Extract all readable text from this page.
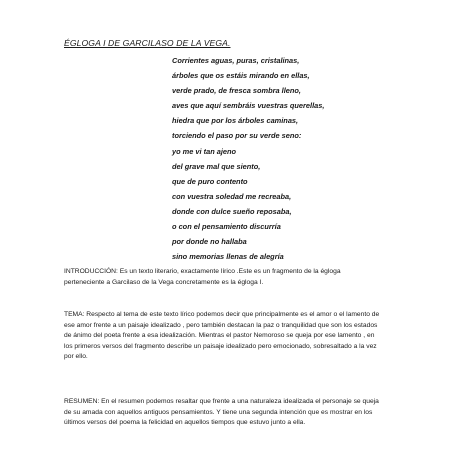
ÉGLOGA I DE GARCILASO DE LA VEGA.
Corrientes aguas, puras, cristalinas,
árboles que os estáis mirando en ellas,
verde prado, de fresca sombra lleno,
aves que aquí sembráis vuestras querellas,
hiedra que por los árboles caminas,
torciendo el paso por su verde seno:
yo me vi tan ajeno
del grave mal que siento,
que de puro contento
con vuestra soledad me recreaba,
donde con dulce sueño reposaba,
o con el pensamiento discurría
por donde no hallaba
sino memorias llenas de alegría

INTRODUCCIÓN: Es un texto literario, exactamente lírico .Este es un fragmento de la égloga perteneciente a Garcilaso de la Vega concretamente es la égloga I.

TEMA: Respecto al tema de este texto lírico podemos decir que principalmente es el amor o el lamento de ese amor frente a un paisaje idealizado , pero también destacan la paz o tranquilidad que son los estados de ánimo del poeta frente a esa idealización. Mientras el pastor Nemoroso se queja por ese lamento , en los primeros versos del fragmento describe un paisaje idealizado pero emocionado, sobresaltado a la vez por ello.

RESUMEN: En el resumen podemos resaltar que frente a una naturaleza idealizada el personaje se queja de su amada con aquellos antiguos pensamientos. Y tiene una segunda intención que es mostrar en los últimos versos del poema la felicidad en aquellos tiempos que estuvo junto a ella.
